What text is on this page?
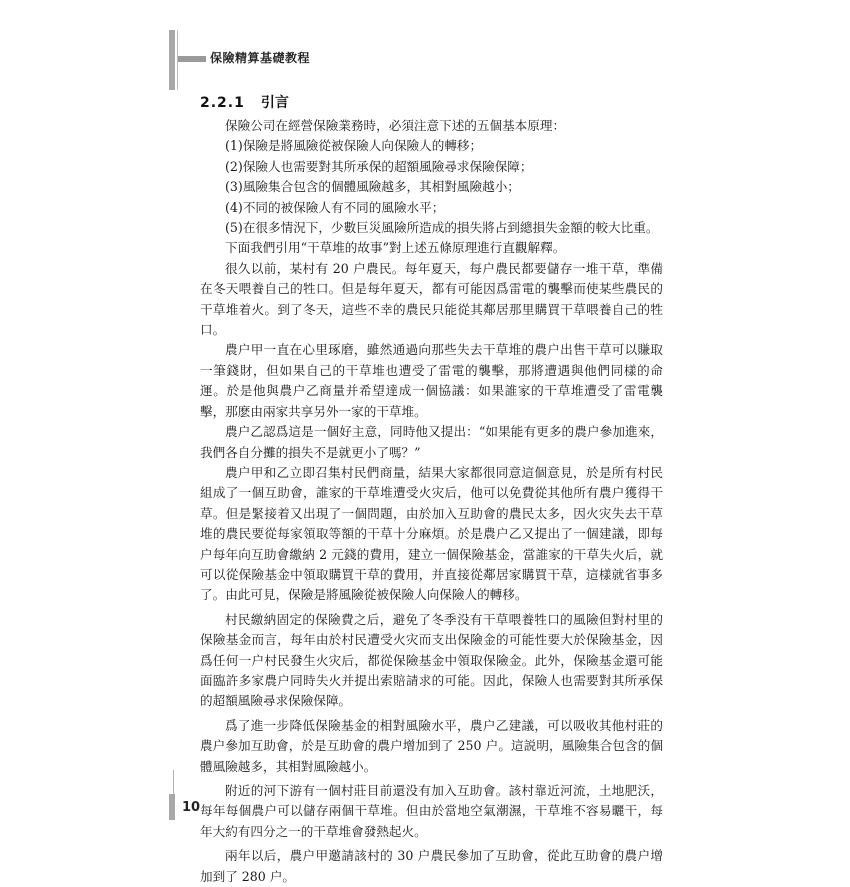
保險精算基礎教程
2.2.1 引言

保險公司在經營保險業務時，必須注意下述的五個基本原理：

(1)保險是將風險從被保險人向保險人的轉移；

(2)保險人也需要對其所承保的超額風險尋求保險保障；

(3)風險集合包含的個體風險越多，其相對風險越小；

(4)不同的被保險人有不同的風險水平；

(5)在很多情況下，少數巨災風險所造成的損失將占到總損失金額的較大比重。

下面我們引用“干草堆的故事”對上述五條原理進行直觀解釋。

很久以前，某村有 20 户農民。每年夏天，每户農民都要儲存一堆干草，準備在冬天喂養自己的牲口。但是每年夏天，都有可能因爲雷電的襲擊而使某些農民的干草堆着火。到了冬天，這些不幸的農民只能從其鄰居那里購買干草喂養自己的牲口。

農户甲一直在心里琢磨，雖然通過向那些失去干草堆的農户出售干草可以賺取一筆錢財，但如果自己的干草堆也遭受了雷電的襲擊，那將遭遇與他們同樣的命運。於是他與農户乙商量并希望達成一個協議：如果誰家的干草堆遭受了雷電襲擊，那麽由兩家共享另外一家的干草堆。

農户乙認爲這是一個好主意，同時他又提出：“如果能有更多的農户參加進來，我們各自分攤的損失不是就更小了嗎？”

農户甲和乙立即召集村民們商量，結果大家都很同意這個意見，於是所有村民組成了一個互助會，誰家的干草堆遭受火灾后，他可以免費從其他所有農户獲得干草。但是緊接着又出現了一個問題，由於加入互助會的農民太多，因火灾失去干草堆的農民要從每家領取等額的干草十分麻煩。於是農户乙又提出了一個建議，即每户每年向互助會繳納 2 元錢的費用，建立一個保險基金，當誰家的干草失火后，就可以從保險基金中領取購買干草的費用，并直接從鄰居家購買干草，這樣就省事多了。由此可見，保險是將風險從被保險人向保險人的轉移。

村民繳納固定的保險費之后，避免了冬季没有干草喂養牲口的風險但對村里的保險基金而言，每年由於村民遭受火灾而支出保險金的可能性要大於保險基金，因爲任何一户村民發生火灾后，都從保險基金中領取保險金。此外，保險基金還可能面臨許多家農户同時失火并提出索賠請求的可能。因此，保險人也需要對其所承保的超額風險尋求保險保障。

爲了進一步降低保險基金的相對風險水平，農户乙建議，可以吸收其他村莊的農户參加互助會，於是互助會的農户增加到了 250 户。這説明，風險集合包含的個體風險越多，其相對風險越小。

附近的河下游有一個村莊目前還没有加入互助會。該村靠近河流，土地肥沃，每年每個農户可以儲存兩個干草堆。但由於當地空氣潮濕，干草堆不容易曬干，每年大約有四分之一的干草堆會發熱起火。

兩年以后，農户甲邀請該村的 30 户農民參加了互助會，從此互助會的農户增加到了 280 户。

10
